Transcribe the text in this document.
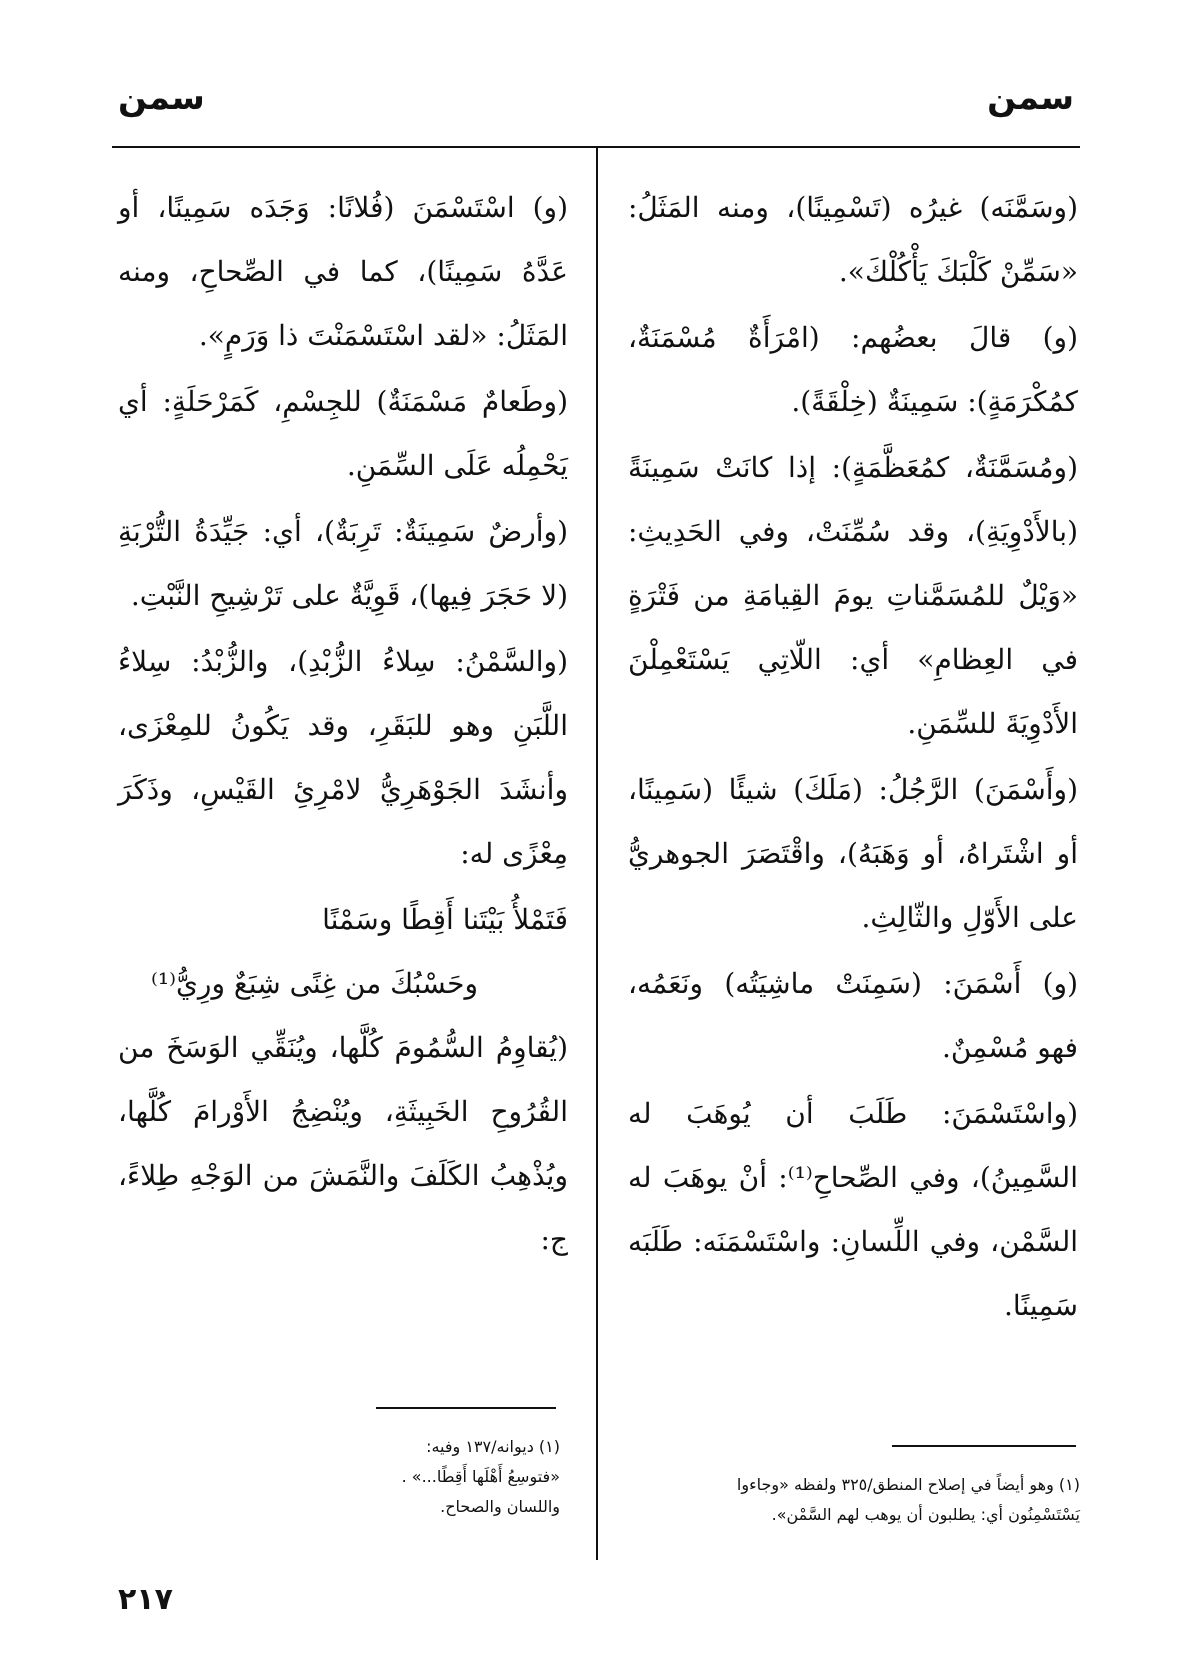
سمن	سمن

(وسَمَّنَه) غيرُه (تَسْمِينًا)، ومنه المَثَلُ: «سَمِّنْ كَلْبَكَ يَأْكُلْكَ».

(و) قالَ بعضُهم: (امْرَأَةٌ مُسْمَنَةٌ، كمُكْرَمَةٍ): سَمِينَةٌ (خِلْقَةً).

(ومُسَمَّنَةٌ، كمُعَظَّمَةٍ): إذا كانَتْ سَمِينَةً (بالأَدْوِيَةِ)، وقد سُمِّنَتْ، وفي الحَدِيثِ: «وَيْلٌ للمُسَمَّناتِ يومَ القِيامَةِ من فَتْرَةٍ في العِظامِ» أي: اللّاتِي يَسْتَعْمِلْنَ الأَدْوِيَةَ للسِّمَنِ.

(وأَسْمَنَ) الرَّجُلُ: (مَلَكَ) شيئًا (سَمِينًا، أو اشْتَراهُ، أو وَهَبَهُ)، واقْتَصَرَ الجوهريُّ على الأَوّلِ والثّالِثِ.

(و) أَسْمَنَ: (سَمِنَتْ ماشِيَتُه) ونَعَمُه، فهو مُسْمِنٌ.

(واسْتَسْمَنَ: طَلَبَ أن يُوهَبَ له السَّمِينُ)، وفي الصِّحاحِ⁽¹⁾: أنْ يوهَبَ له السَّمْن، وفي اللِّسانِ: واسْتَسْمَنَه: طَلَبَه سَمِينًا.

(و) اسْتَسْمَنَ (فُلانًا: وَجَدَه سَمِينًا، أو عَدَّهُ سَمِينًا)، كما في الصِّحاحِ، ومنه المَثَلُ: «لقد اسْتَسْمَنْتَ ذا وَرَمٍ».

(وطَعامٌ مَسْمَنَةٌ) للجِسْمِ، كَمَرْحَلَةٍ: أي يَحْمِلُه عَلَى السِّمَنِ.

(وأرضٌ سَمِينَةٌ: تَرِبَةٌ)، أي: جَيِّدَةُ التُّرْبَةِ (لا حَجَرَ فِيها)، قَوِيَّةٌ على تَرْشِيحِ النَّبْتِ.

(والسَّمْنُ: سِلاءُ الزُّبْدِ)، والزُّبْدُ: سِلاءُ اللَّبَنِ وهو للبَقَرِ، وقد يَكُونُ للمِعْزَى، وأنشَدَ الجَوْهَرِيُّ لامْرِئِ القَيْسِ، وذَكَرَ مِعْزًى له:

فَتَمْلأُ بَيْتَنا أَقِطًا وسَمْنًا
وحَسْبُكَ من غِنًى شِبَعٌ ورِيُّ⁽¹⁾

(يُقاوِمُ السُّمُومَ كُلَّها، ويُنَقِّي الوَسَخَ من القُرُوحِ الخَبِيثَةِ، ويُنْضِجُ الأَوْرامَ كُلَّها، ويُذْهِبُ الكَلَفَ والنَّمَشَ من الوَجْهِ طِلاءً، ج:

(١) وهو أيضاً في إصلاح المنطق/٣٢٥ ولفظه «وجاءوا
يَسْتَسْمِنُون أي: يطلبون أن يوهب لهم السَّمْن».
(١) ديوانه/١٣٧ وفيه:
«فتوسِعُ أَهْلَها أَقِطًا...» .
واللسان والصحاح.
٢١٧
